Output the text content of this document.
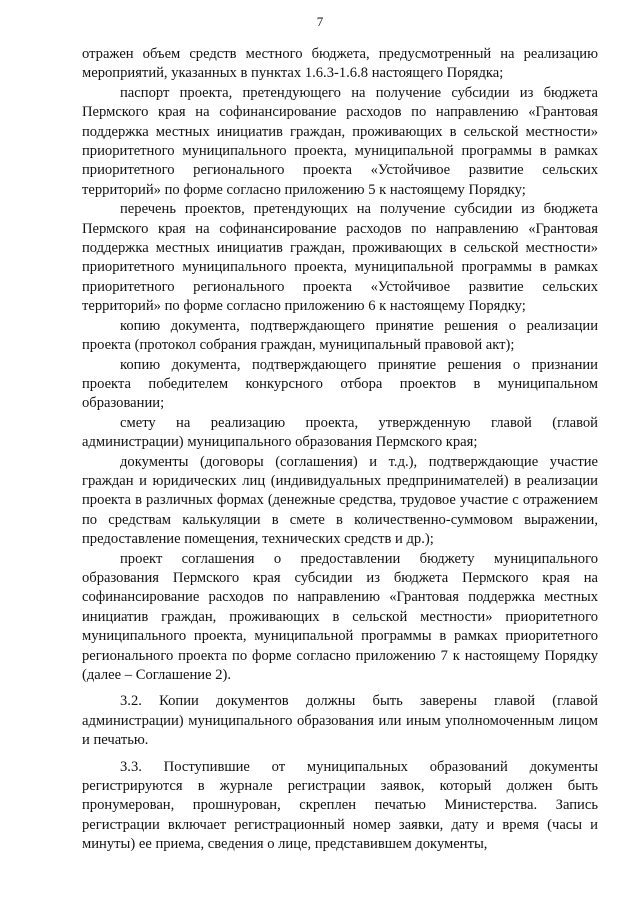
7

отражен объем средств местного бюджета, предусмотренный на реализацию мероприятий, указанных в пунктах 1.6.3-1.6.8 настоящего Порядка;

паспорт проекта, претендующего на получение субсидии из бюджета Пермского края на софинансирование расходов по направлению «Грантовая поддержка местных инициатив граждан, проживающих в сельской местности» приоритетного муниципального проекта, муниципальной программы в рамках приоритетного регионального проекта «Устойчивое развитие сельских территорий» по форме согласно приложению 5 к настоящему Порядку;

перечень проектов, претендующих на получение субсидии из бюджета Пермского края на софинансирование расходов по направлению «Грантовая поддержка местных инициатив граждан, проживающих в сельской местности» приоритетного муниципального проекта, муниципальной программы в рамках приоритетного регионального проекта «Устойчивое развитие сельских территорий» по форме согласно приложению 6 к настоящему Порядку;

копию документа, подтверждающего принятие решения о реализации проекта (протокол собрания граждан, муниципальный правовой акт);

копию документа, подтверждающего принятие решения о признании проекта победителем конкурсного отбора проектов в муниципальном образовании;

смету на реализацию проекта, утвержденную главой (главой администрации) муниципального образования Пермского края;

документы (договоры (соглашения) и т.д.), подтверждающие участие граждан и юридических лиц (индивидуальных предпринимателей) в реализации проекта в различных формах (денежные средства, трудовое участие с отражением по средствам калькуляции в смете в количественно-суммовом выражении, предоставление помещения, технических средств и др.);

проект соглашения о предоставлении бюджету муниципального образования Пермского края субсидии из бюджета Пермского края на софинансирование расходов по направлению «Грантовая поддержка местных инициатив граждан, проживающих в сельской местности» приоритетного муниципального проекта, муниципальной программы в рамках приоритетного регионального проекта по форме согласно приложению 7 к настоящему Порядку (далее – Соглашение 2).

3.2. Копии документов должны быть заверены главой (главой администрации) муниципального образования или иным уполномоченным лицом и печатью.

3.3. Поступившие от муниципальных образований документы регистрируются в журнале регистрации заявок, который должен быть пронумерован, прошнурован, скреплен печатью Министерства. Запись регистрации включает регистрационный номер заявки, дату и время (часы и минуты) ее приема, сведения о лице, представившем документы,
